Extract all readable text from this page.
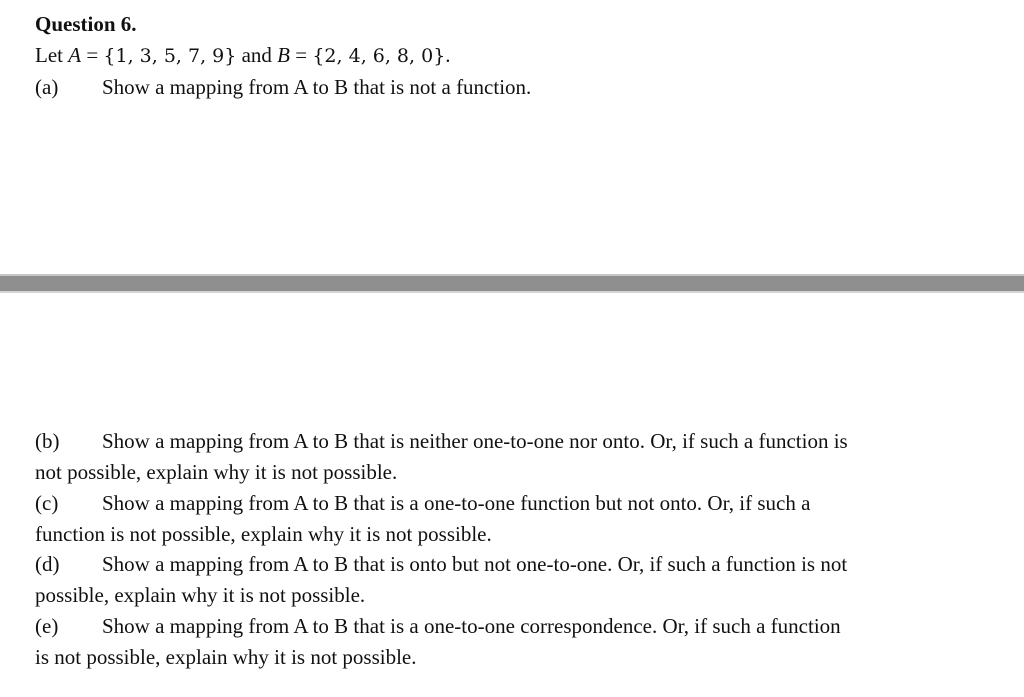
Question 6.
Let A = {1, 3, 5, 7, 9} and B = {2, 4, 6, 8, 0}.
(a) Show a mapping from A to B that is not a function.
(b) Show a mapping from A to B that is neither one-to-one nor onto. Or, if such a function is
not possible, explain why it is not possible.
(c) Show a mapping from A to B that is a one-to-one function but not onto. Or, if such a
function is not possible, explain why it is not possible.
(d) Show a mapping from A to B that is onto but not one-to-one. Or, if such a function is not
possible, explain why it is not possible.
(e) Show a mapping from A to B that is a one-to-one correspondence. Or, if such a function
is not possible, explain why it is not possible.
